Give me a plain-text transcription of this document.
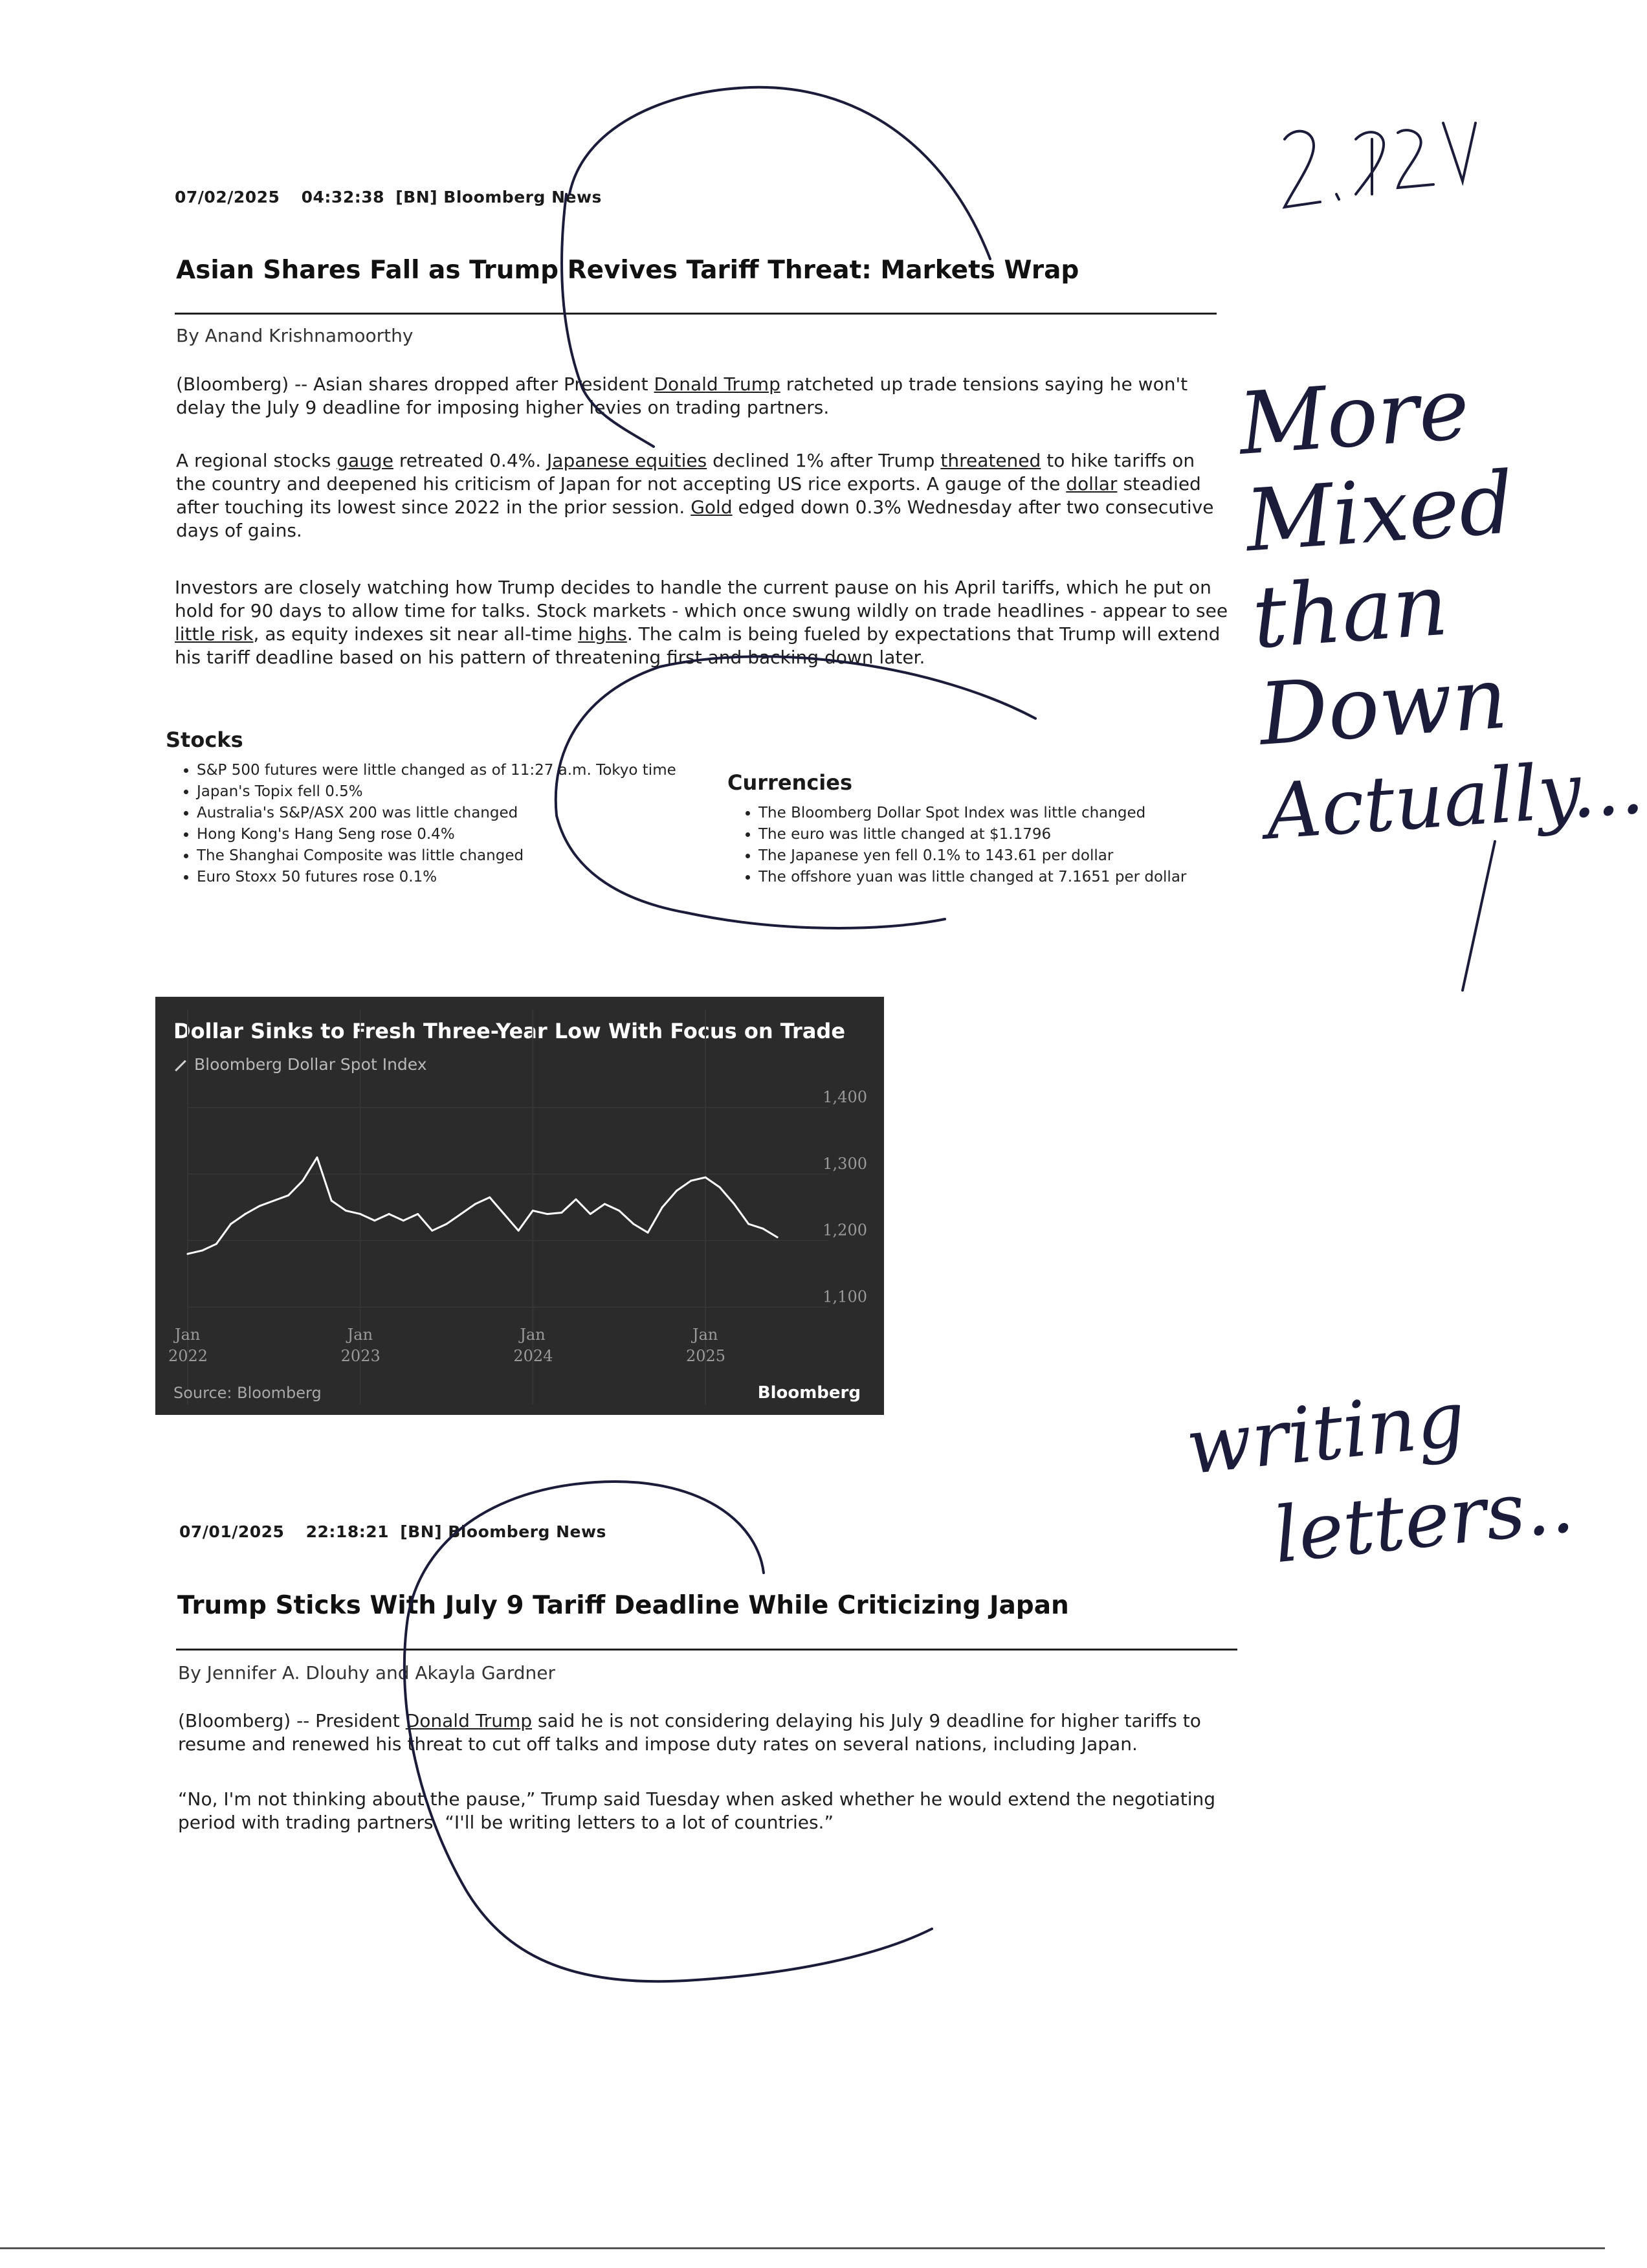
07/02/2025 04:32:38 [BN] Bloomberg News
Asian Shares Fall as Trump Revives Tariff Threat: Markets Wrap
By Anand Krishnamoorthy
(Bloomberg) -- Asian shares dropped after President Donald Trump ratcheted up trade tensions saying he won't delay the July 9 deadline for imposing higher levies on trading partners.
A regional stocks gauge retreated 0.4%. Japanese equities declined 1% after Trump threatened to hike tariffs on the country and deepened his criticism of Japan for not accepting US rice exports. A gauge of the dollar steadied after touching its lowest since 2022 in the prior session. Gold edged down 0.3% Wednesday after two consecutive days of gains.
Investors are closely watching how Trump decides to handle the current pause on his April tariffs, which he put on hold for 90 days to allow time for talks. Stock markets - which once swung wildly on trade headlines - appear to see little risk, as equity indexes sit near all-time highs. The calm is being fueled by expectations that Trump will extend his tariff deadline based on his pattern of threatening first and backing down later.
Stocks
• S&P 500 futures were little changed as of 11:27 a.m. Tokyo time
• Japan's Topix fell 0.5%
• Australia's S&P/ASX 200 was little changed
• Hong Kong's Hang Seng rose 0.4%
• The Shanghai Composite was little changed
• Euro Stoxx 50 futures rose 0.1%
Currencies
• The Bloomberg Dollar Spot Index was little changed
• The euro was little changed at $1.1796
• The Japanese yen fell 0.1% to 143.61 per dollar
• The offshore yuan was little changed at 7.1651 per dollar
Dollar Sinks to Fresh Three-Year Low With Focus on Trade
Bloomberg Dollar Spot Index
1,100
1,200
1,300
1,400
Jan
2022
Jan
2023
Jan
2024
Jan
2025
Source: Bloomberg	Bloomberg
07/01/2025 22:18:21 [BN] Bloomberg News
Trump Sticks With July 9 Tariff Deadline While Criticizing Japan
By Jennifer A. Dlouhy and Akayla Gardner
(Bloomberg) -- President Donald Trump said he is not considering delaying his July 9 deadline for higher tariffs to resume and renewed his threat to cut off talks and impose duty rates on several nations, including Japan.
“No, I'm not thinking about the pause,” Trump said Tuesday when asked whether he would extend the negotiating period with trading partners. “I'll be writing letters to a lot of countries.”
More
Mixed
than
Down
Actually...
writing
letters..
